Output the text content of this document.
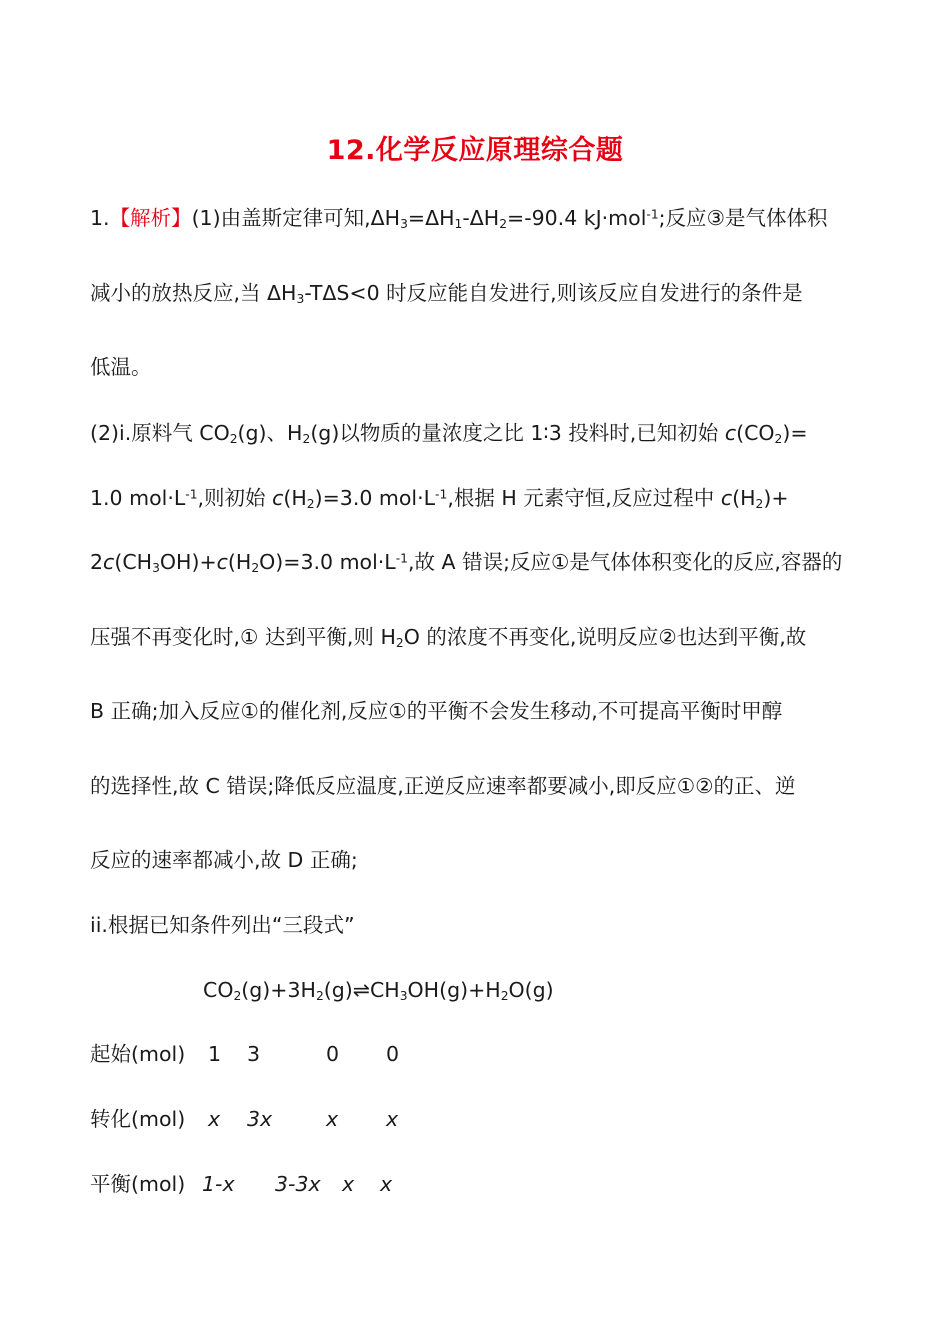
12.化学反应原理综合题
1.【解析】(1)由盖斯定律可知$,\Delta H_3=\Delta H_1-\Delta H_2=-90.4$ kJ·mol$^{-1}$;反应③是气体体积
减小的放热反应,当 $\Delta H_3-T\Delta S<0$ 时反应能自发进行,则该反应自发进行的条件是
低温。
(2)i.原料气 $CO_2(g)$、$H_2(g)$以物质的量浓度之比 1∶3 投料时,已知初始 $c(CO_2)=$
1.0 $mol\cdot L^{-1}$,则初始 $c(H_2)=3.0$ $mol\cdot L^{-1}$,根据 H 元素守恒,反应过程中 $c(H_2)+$
$2c(CH_3OH)+c(H_2O)=3.0$ $mol\cdot L^{-1}$,故 A 错误;反应①是气体体积变化的反应,容器的
压强不再变化时,① 达到平衡,则 $H_2O$ 的浓度不再变化,说明反应②也达到平衡,故
B 正确;加入反应①的催化剂,反应①的平衡不会发生移动,不可提高平衡时甲醇
的选择性,故 C 错误;降低反应温度,正逆反应速率都要减小,即反应①②的正、逆
反应的速率都减小,故 D 正确;
ii.根据已知条件列出“三段式”
$CO_2(g)+3H_2(g)\rightleftharpoons CH_3OH(g)+H_2O(g)$
起始(mol) 1 3	0 0
转化(mol) x 3x	x x
平衡(mol) 1-x 3-3x x x
